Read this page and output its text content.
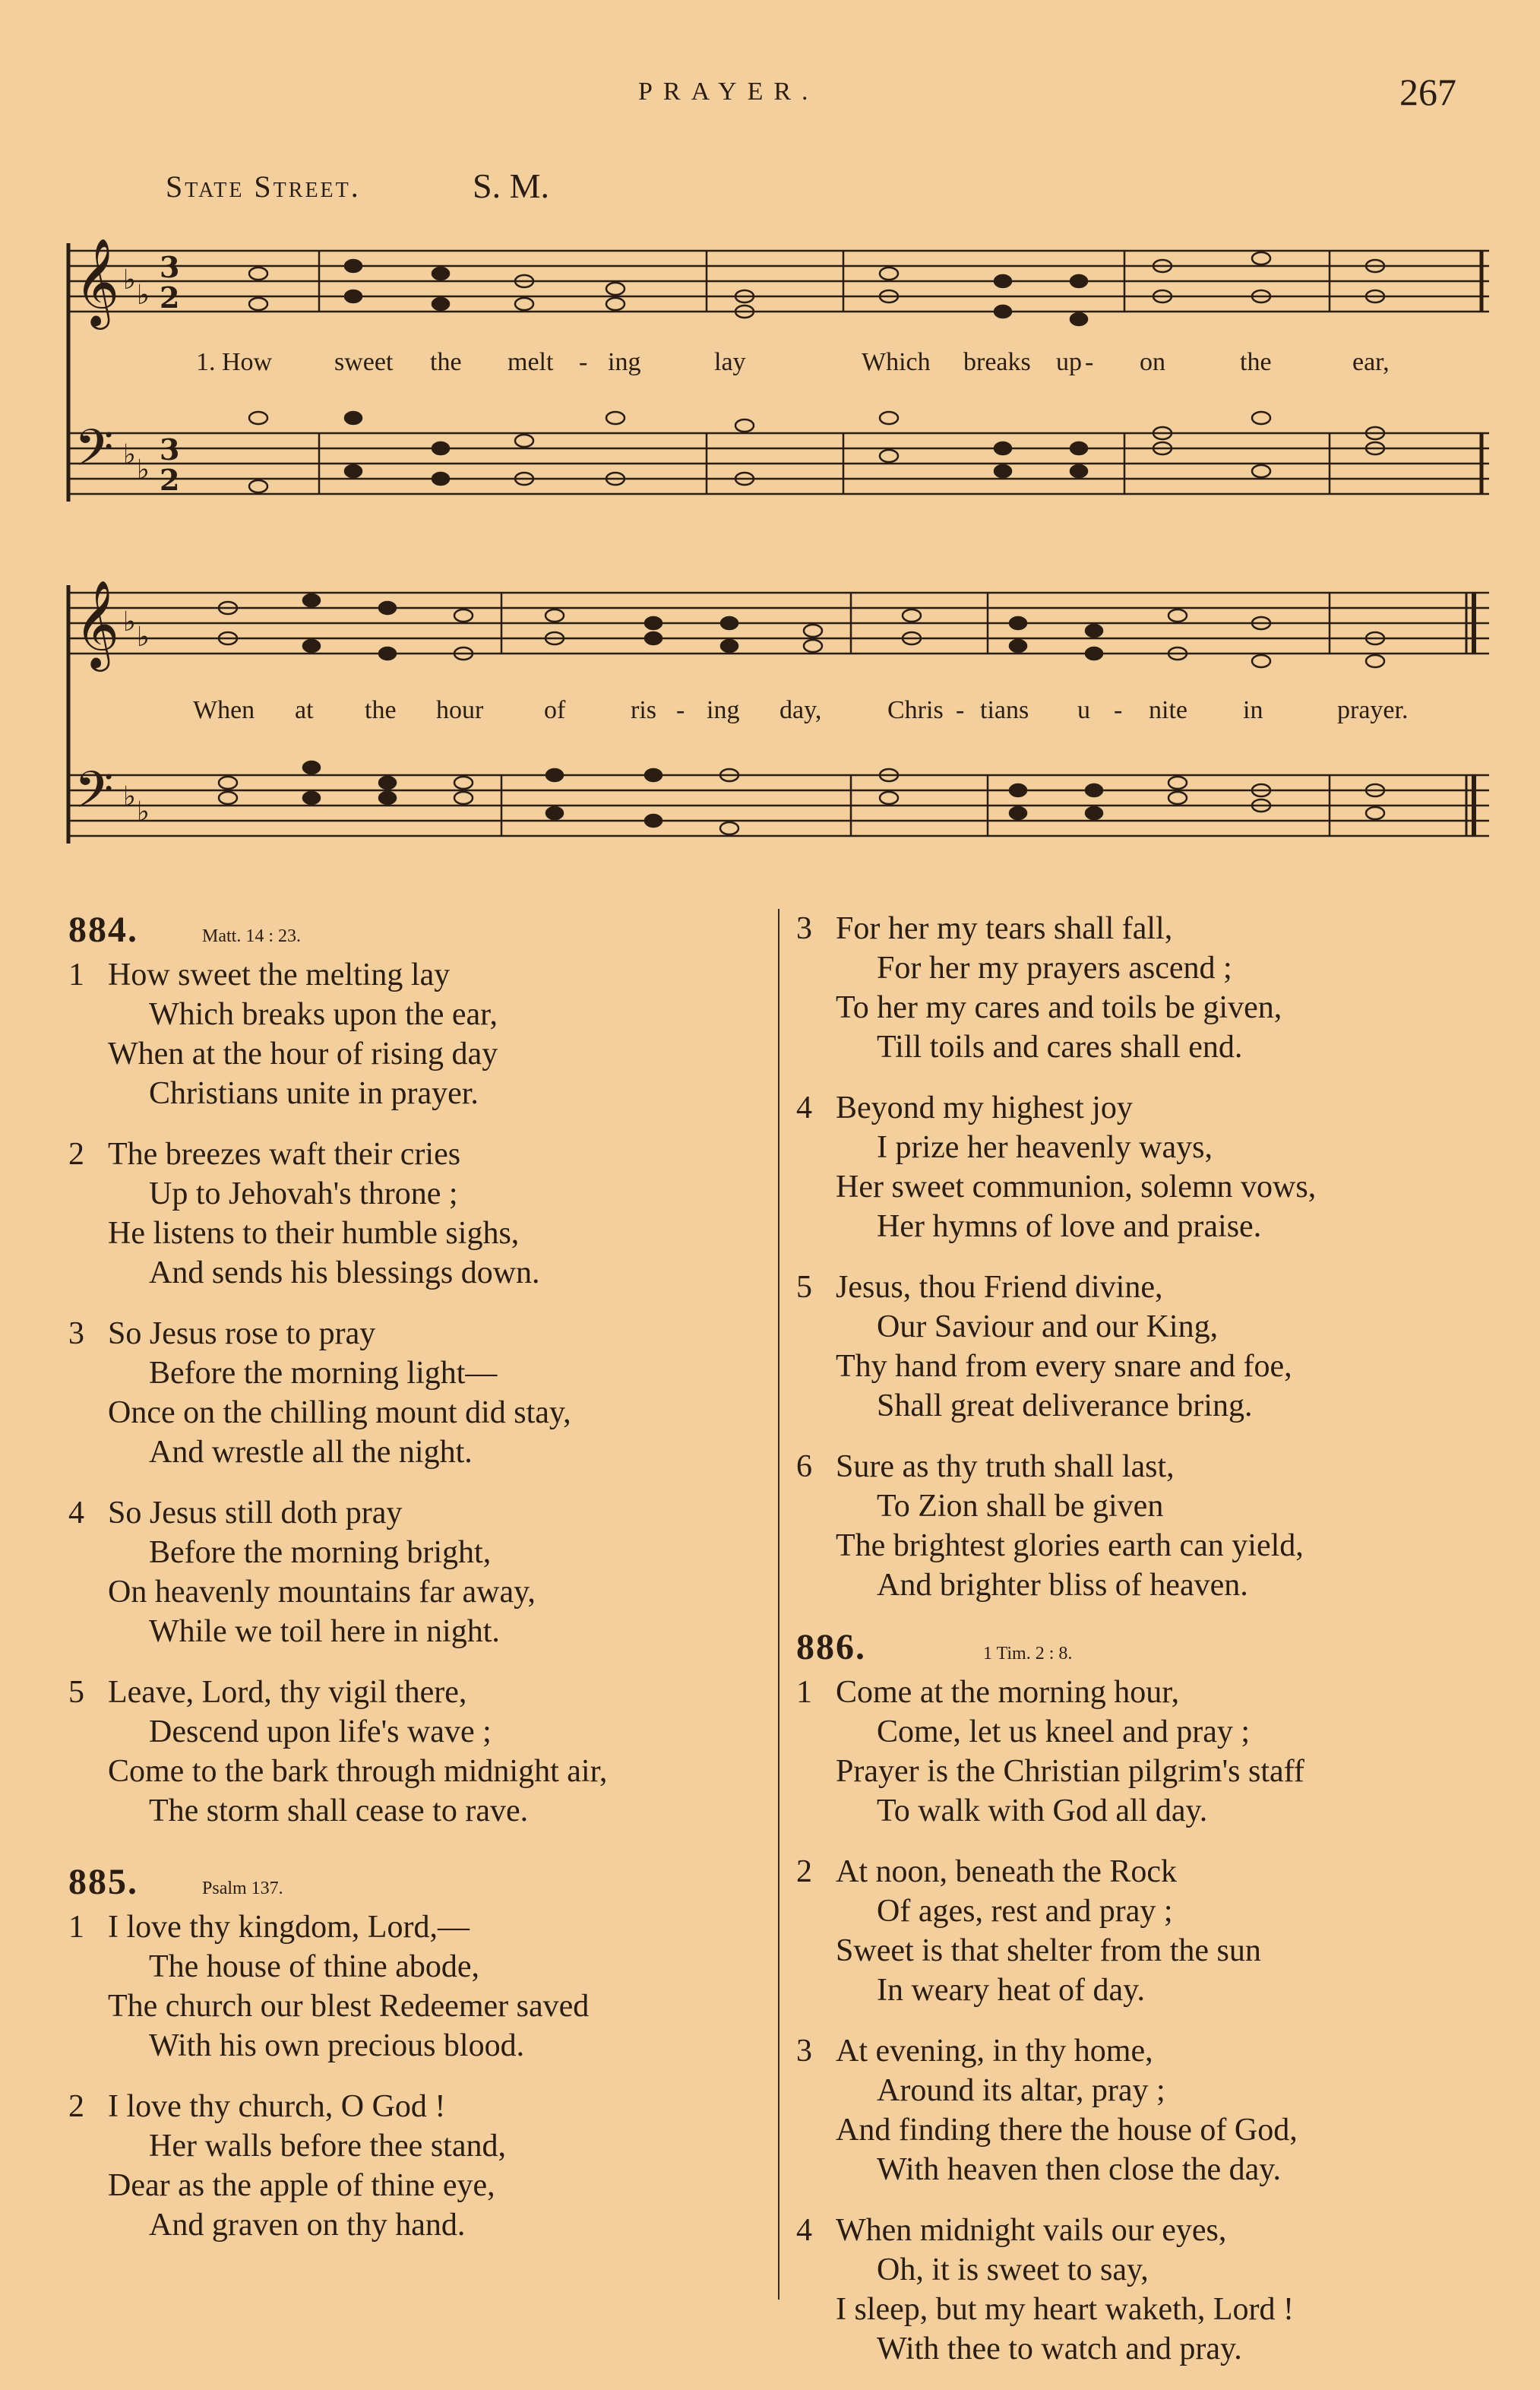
PRAYER.	267
State Street.	S. M.
𝄞
𝄢
𝄞
𝄢
♭ ♭
♭ ♭
♭ ♭
♭ ♭
3
2
3
2
1. How sweet the melt - ing	lay	Which breaks up - on	the	ear,
When at the hour of	ris - ing day,	Chris - tians u - nite in	prayer.
884.	Matt. 14 : 23.
1 How sweet the melting lay
Which breaks upon the ear,
When at the hour of rising day
Christians unite in prayer.
2 The breezes waft their cries
Up to Jehovah's throne ;
He listens to their humble sighs,
And sends his blessings down.
3 So Jesus rose to pray
Before the morning light—
Once on the chilling mount did stay,
And wrestle all the night.
4 So Jesus still doth pray
Before the morning bright,
On heavenly mountains far away,
While we toil here in night.
5 Leave, Lord, thy vigil there,
Descend upon life's wave ;
Come to the bark through midnight air,
The storm shall cease to rave.
885.	Psalm 137.
1 I love thy kingdom, Lord,—
The house of thine abode,
The church our blest Redeemer saved
With his own precious blood.
2 I love thy church, O God !
Her walls before thee stand,
Dear as the apple of thine eye,
And graven on thy hand.
3 For her my tears shall fall,
For her my prayers ascend ;
To her my cares and toils be given,
Till toils and cares shall end.
4 Beyond my highest joy
I prize her heavenly ways,
Her sweet communion, solemn vows,
Her hymns of love and praise.
5 Jesus, thou Friend divine,
Our Saviour and our King,
Thy hand from every snare and foe,
Shall great deliverance bring.
6 Sure as thy truth shall last,
To Zion shall be given
The brightest glories earth can yield,
And brighter bliss of heaven.
886.	1 Tim. 2 : 8.
1 Come at the morning hour,
Come, let us kneel and pray ;
Prayer is the Christian pilgrim's staff
To walk with God all day.
2 At noon, beneath the Rock
Of ages, rest and pray ;
Sweet is that shelter from the sun
In weary heat of day.
3 At evening, in thy home,
Around its altar, pray ;
And finding there the house of God,
With heaven then close the day.
4 When midnight vails our eyes,
Oh, it is sweet to say,
I sleep, but my heart waketh, Lord !
With thee to watch and pray.
